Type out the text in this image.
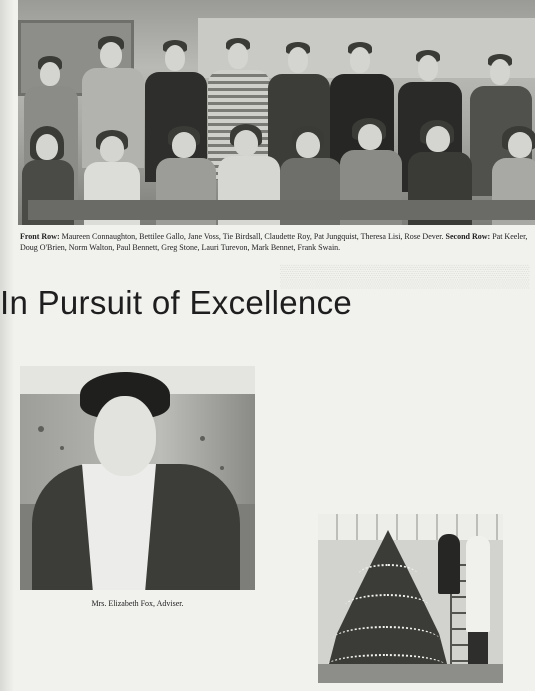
Front Row: Maureen Connaughton, Bettilee Gallo, Jane Voss, Tie Birdsall, Claudette Roy, Pat Jungquist, Theresa Lisi, Rose Dever. Second Row: Pat Keeler, Doug O'Brien, Norm Walton, Paul Bennett, Greg Stone, Lauri Turevon, Mark Bennet, Frank Swain.
▒▒▒▒▒▒▒▒▒▒▒▒▒▒▒▒
In Pursuit of Excellence
Mrs. Elizabeth Fox, Adviser.
